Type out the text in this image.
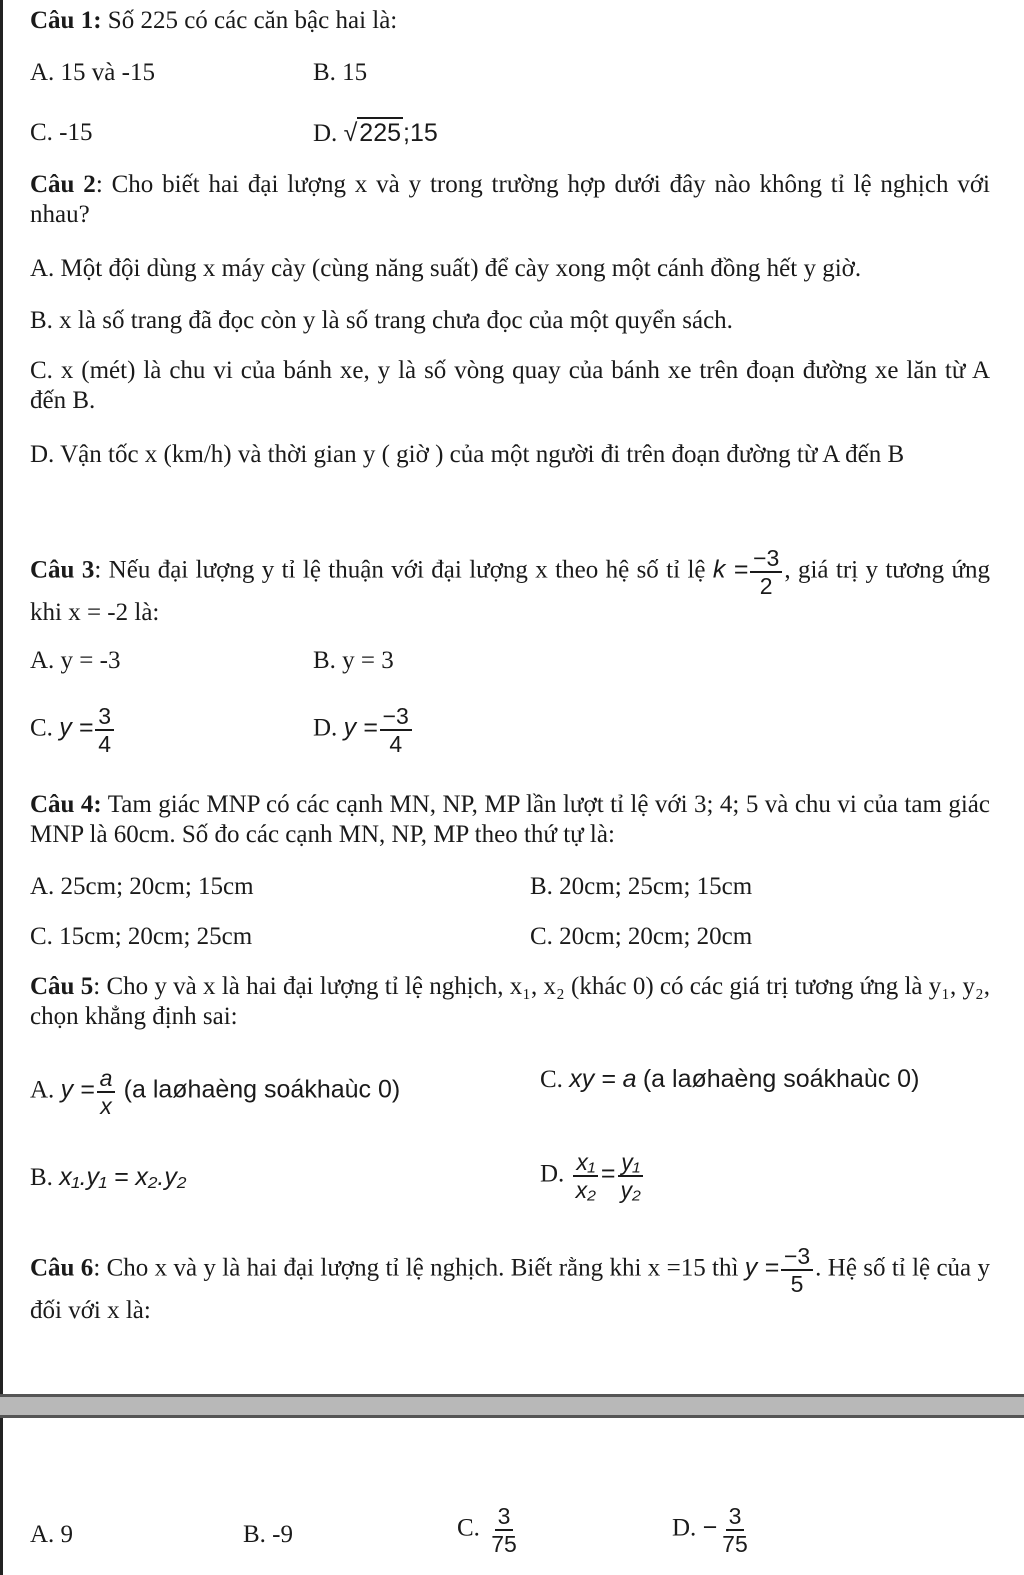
Câu 1: Số 225 có các căn bậc hai là:
A. 15 và -15	B. 15
C. -15	D. √225;15
Câu 2: Cho biết hai đại lượng x và y trong trường hợp dưới đây nào không tỉ lệ nghịch với nhau?
A. Một đội dùng x máy cày (cùng năng suất) để cày xong một cánh đồng hết y giờ.
B. x là số trang đã đọc còn y là số trang chưa đọc của một quyển sách.
C. x (mét) là chu vi của bánh xe, y là số vòng quay của bánh xe trên đoạn đường xe lăn từ A đến B.
D. Vận tốc x (km/h) và thời gian y ( giờ ) của một người đi trên đoạn đường từ A đến B
Câu 3: Nếu đại lượng y tỉ lệ thuận với đại lượng x theo hệ số tỉ lệ $k = \frac{-3}{2}$ , giá trị y tương ứng khi x = -2 là:
A. y = -3	B. y = 3
C. $y = \frac{3}{4}$	D. $y = \frac{-3}{4}$
Câu 4: Tam giác MNP có các cạnh MN, NP, MP lần lượt tỉ lệ với 3; 4; 5 và chu vi của tam giác MNP là 60cm. Số đo các cạnh MN, NP, MP theo thứ tự là:
A. 25cm; 20cm; 15cm	B. 20cm; 25cm; 15cm
C. 15cm; 20cm; 25cm	C. 20cm; 20cm; 20cm
Câu 5: Cho y và x là hai đại lượng tỉ lệ nghịch, x₁, x₂ (khác 0) có các giá trị tương ứng là y₁, y₂, chọn khẳng định sai:
A. $y = \frac{a}{x} (a$ laøhaèng soákhaùc 0)	C. xy = a (a laøhaèng soákhaùc 0)
B. x₁.y₁ = x₂.y₂	D. $\frac{\text{x₁}}{\text{x₂}} = \frac{\text{y₁}}{\text{y₂}}$
Câu 6: Cho x và y là hai đại lượng tỉ lệ nghịch. Biết rằng khi x =15 thì $y = \frac{-3}{5}$ . Hệ số tỉ lệ của y đối với x là:
A. 9	B. -9	C. $\frac{3}{75}$	D. − $\frac{3}{75}$
